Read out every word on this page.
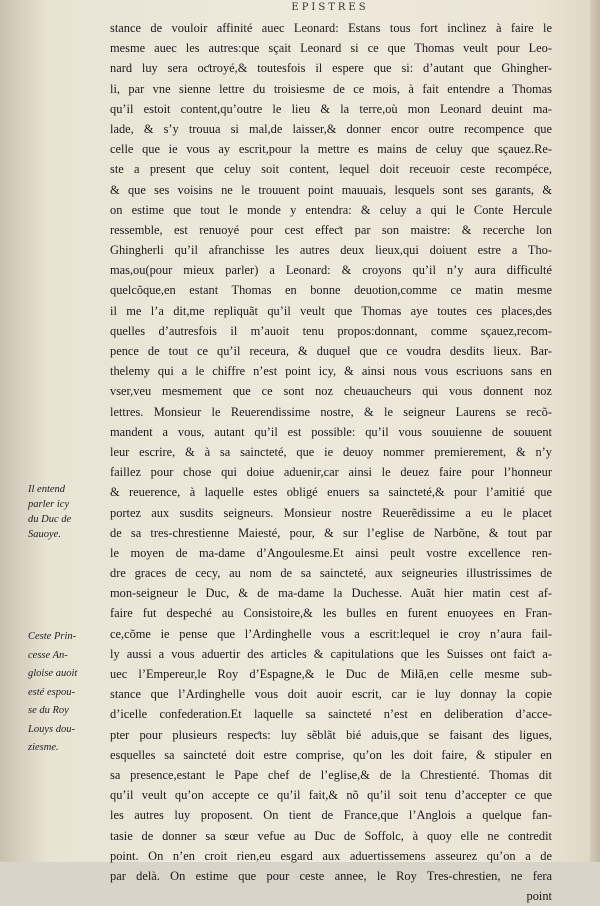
EPISTRES
stance de vouloir affinité auec Leonard: Estans tous fort inclinez à faire le
mesme auec les autres:que sçait Leonard si ce que Thomas veult pour Leo-
nard luy sera oƈtroyé,& toutesfois il espere que si: d’autant que Ghingher-
li, par vne sienne lettre du troisiesme de ce mois, à fait entendre a Thomas
qu’il estoit content,qu’outre le lieu & la terre,où mon Leonard deuint ma-
lade, & s’y trouua si mal,de laisser,& donner encor outre recompence que
celle que ie vous ay escrit,pour la mettre es mains de celuy que sçauez.Re-
ste a present que celuy soit content, lequel doit receuoir ceste recompéce,
& que ses voisins ne le trouuent point mauuais, lesquels sont ses garants, &
on estime que tout le monde y entendra: & celuy a qui le Conte Hercule
ressemble, est renuoyé pour cest effeƈt par son maistre: & recerche lon
Ghingherli qu’il afranchisse les autres deux lieux,qui doiuent estre a Tho-
mas,ou(pour mieux parler) a Leonard: & croyons qu’il n’y aura difficulté
quelcõque,en estant Thomas en bonne deuotion,comme ce matin mesme
il me l’a dit,me repliquãt qu’il veult que Thomas aye toutes ces places,des
quelles d’autresfois il m’auoit tenu propos:donnant, comme sçauez,recom-
pence de tout ce qu’il receura, & duquel que ce voudra desdits lieux. Bar-
thelemy qui a le chiffre n’est point icy, & ainsi nous vous escriuons sans en
vser,veu mesmement que ce sont noz cheuaucheurs qui vous donnent noz
lettres. Monsieur le Reuerendissime nostre, & le seigneur Laurens se recõ-
mandent a vous, autant qu’il est possible: qu’il vous souuienne de souuent
leur escrire, & à sa saincteté, que ie deuoy nommer premierement, & n’y
faillez pour chose qui doiue aduenir,car ainsi le deuez faire pour l’honneur
& reuerence, à laquelle estes obligé enuers sa saincteté,& pour l’amitié que
portez aux susdits seigneurs. Monsieur nostre Reuerẽdissime a eu le placet
de sa tres-chrestienne Maiesté, pour, & sur l’eglise de Narbõne, & tout par
le moyen de ma-dame d’Angoulesme.Et ainsi peult vostre excellence ren-
dre graces de cecy, au nom de sa saincteté, aux seigneuries illustrissimes de
mon-seigneur le Duc, & de ma-dame la Duchesse. Auãt hier matin cest af-
faire fut despeché au Consistoire,& les bulles en furent enuoyees en Fran-
ce,cõme ie pense que l’Ardinghelle vous a escrit:lequel ie croy n’aura fail-
ly aussi a vous aduertir des articles & capitulations que les Suisses ont faiƈt a-
uec l’Empereur,le Roy d’Espagne,& le Duc de Miłã,en celle mesme sub-
stance que l’Ardinghelle vous doit auoir escrit, car ie luy donnay la copie
d’icelle confederation.Et laquelle sa saincteté n’est en deliberation d’acce-
pter pour plusieurs respeƈts: luy sẽblãt bié aduis,que se faisant des ligues,
esquelles sa saincteté doit estre comprise, qu’on les doit faire, & stipuler en
sa presence,estant le Pape chef de l’eglise,& de la Chrestienté. Thomas dit
qu’il veult qu’on accepte ce qu’il fait,& nõ qu’il soit tenu d’accepter ce que
les autres luy proposent. On tient de France,que l’Anglois a quelque fan-
tasie de donner sa sœur vefue au Duc de Soffolc, à quoy elle ne contredit
point. On n’en croit rien,eu esgard aux aduertissemens asseurez qu’on a de
par delà. On estime que pour ceste annee, le Roy Tres-chrestien, ne fera
point
Il entend
parler icy
du Duc de
Sauoye.
Ceste Prin-
cesse An-
gloise auoit
esté espou-
se du Roy
Louys dou-
ziesme.
